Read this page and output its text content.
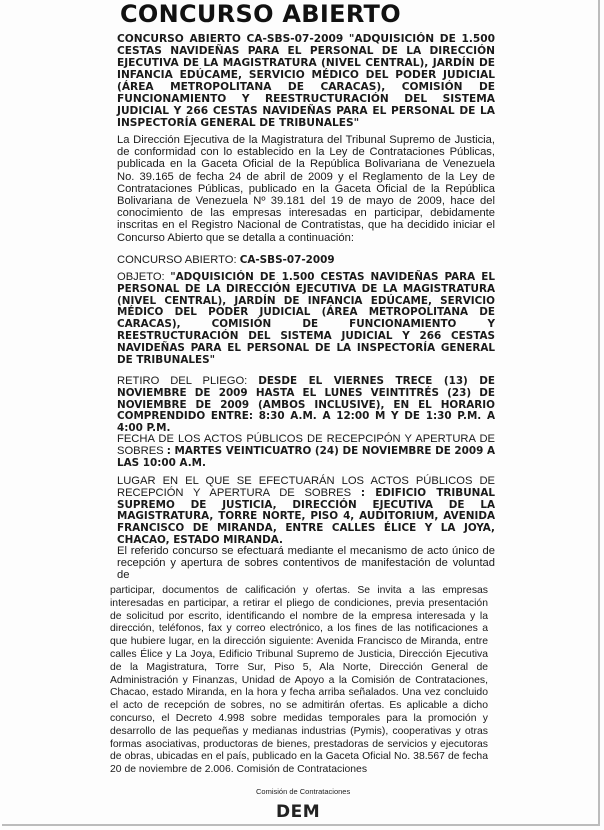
CONCURSO ABIERTO

CONCURSO ABIERTO CA-SBS-07-2009 "ADQUISICIÓN DE 1.500 CESTAS NAVIDEÑAS PARA EL PERSONAL DE LA DIRECCIÓN EJECUTIVA DE LA MAGISTRATURA (NIVEL CENTRAL), JARDÍN DE INFANCIA EDÚCAME, SERVICIO MÉDICO DEL PODER JUDICIAL (ÁREA METROPOLITANA DE CARACAS), COMISIÓN DE FUNCIONAMIENTO Y REESTRUCTURACIÓN DEL SISTEMA JUDICIAL Y 266 CESTAS NAVIDEÑAS PARA EL PERSONAL DE LA INSPECTORÍA GENERAL DE TRIBUNALES"

La Dirección Ejecutiva de la Magistratura del Tribunal Supremo de Justicia, de conformidad con lo establecido en la Ley de Contrataciones Públicas, publicada en la Gaceta Oficial de la República Bolivariana de Venezuela No. 39.165 de fecha 24 de abril de 2009 y el Reglamento de la Ley de Contrataciones Públicas, publicado en la Gaceta Oficial de la República Bolivariana de Venezuela Nº 39.181 del 19 de mayo de 2009, hace del conocimiento de las empresas interesadas en participar, debidamente inscritas en el Registro Nacional de Contratistas, que ha decidido iniciar el Concurso Abierto que se detalla a continuación:

CONCURSO ABIERTO: CA-SBS-07-2009

OBJETO: "ADQUISICIÓN DE 1.500 CESTAS NAVIDEÑAS PARA EL PERSONAL DE LA DIRECCIÓN EJECUTIVA DE LA MAGISTRATURA (NIVEL CENTRAL), JARDÍN DE INFANCIA EDÚCAME, SERVICIO MÉDICO DEL PODER JUDICIAL (ÁREA METROPOLITANA DE CARACAS), COMISIÓN DE FUNCIONAMIENTO Y REESTRUCTURACIÓN DEL SISTEMA JUDICIAL Y 266 CESTAS NAVIDEÑAS PARA EL PERSONAL DE LA INSPECTORÍA GENERAL DE TRIBUNALES"

RETIRO DEL PLIEGO: DESDE EL VIERNES TRECE (13) DE NOVIEMBRE DE 2009 HASTA EL LUNES VEINTITRÉS (23) DE NOVIEMBRE DE 2009 (AMBOS INCLUSIVE), EN EL HORARIO COMPRENDIDO ENTRE: 8:30 A.M. A 12:00 M Y DE 1:30 P.M. A 4:00 P.M.

FECHA DE LOS ACTOS PÚBLICOS DE RECEPCIPÓN Y APERTURA DE SOBRES : MARTES VEINTICUATRO (24) DE NOVIEMBRE DE 2009 A LAS 10:00 A.M.

LUGAR EN EL QUE SE EFECTUARÁN LOS ACTOS PÚBLICOS DE RECEPCIÓN Y APERTURA DE SOBRES : EDIFICIO TRIBUNAL SUPREMO DE JUSTICIA, DIRECCIÓN EJECUTIVA DE LA MAGISTRATURA, TORRE NORTE, PISO 4, AUDITORIUM, AVENIDA FRANCISCO DE MIRANDA, ENTRE CALLES ÉLICE Y LA JOYA, CHACAO, ESTADO MIRANDA.

El referido concurso se efectuará mediante el mecanismo de acto único de recepción y apertura de sobres contentivos de manifestación de voluntad de

participar, documentos de calificación y ofertas. Se invita a las empresas interesadas en participar, a retirar el pliego de condiciones, previa presentación de solicitud por escrito, identificando el nombre de la empresa interesada y la dirección, teléfonos, fax y correo electrónico, a los fines de las notificaciones a que hubiere lugar, en la dirección siguiente: Avenida Francisco de Miranda, entre calles Élice y La Joya, Edificio Tribunal Supremo de Justicia, Dirección Ejecutiva de la Magistratura, Torre Sur, Piso 5, Ala Norte, Dirección General de Administración y Finanzas, Unidad de Apoyo a la Comisión de Contrataciones, Chacao, estado Miranda, en la hora y fecha arriba señalados. Una vez concluido el acto de recepción de sobres, no se admitirán ofertas. Es aplicable a dicho concurso, el Decreto 4.998 sobre medidas temporales para la promoción y desarrollo de las pequeñas y medianas industrias (Pymis), cooperativas y otras formas asociativas, productoras de bienes, prestadoras de servicios y ejecutoras de obras, ubicadas en el país, publicado en la Gaceta Oficial No. 38.567 de fecha 20 de noviembre de 2.006. Comisión de Contrataciones

Comisión de Contrataciones

DEM
